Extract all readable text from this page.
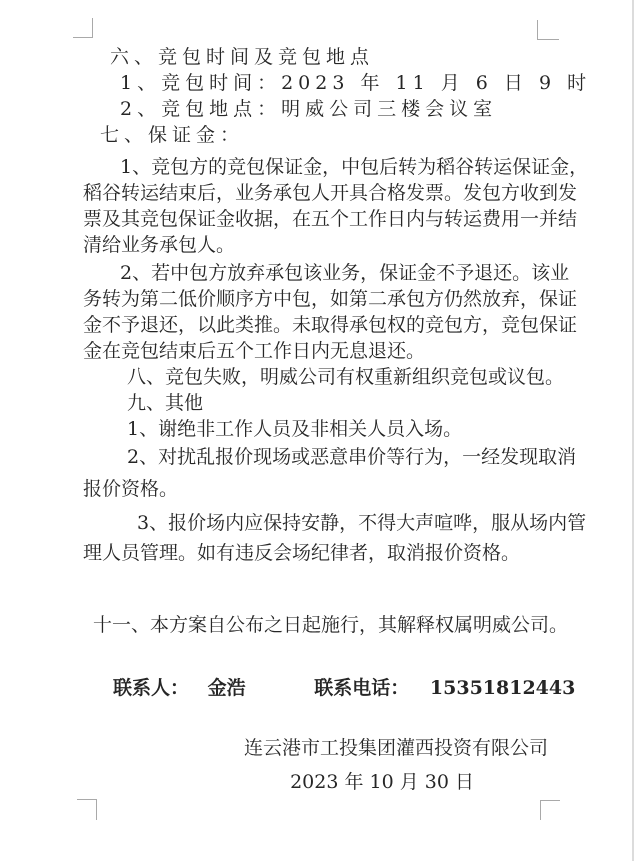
六、竞包时间及竞包地点
1、竞包时间：2023 年 11 月 6 日 9 时
2、竞包地点：明威公司三楼会议室
七、保证金：
1、竞包方的竞包保证金，中包后转为稻谷转运保证金，
稻谷转运结束后，业务承包人开具合格发票。发包方收到发
票及其竞包保证金收据，在五个工作日内与转运费用一并结
清给业务承包人。
2、若中包方放弃承包该业务，保证金不予退还。该业
务转为第二低价顺序方中包，如第二承包方仍然放弃，保证
金不予退还，以此类推。未取得承包权的竞包方，竞包保证
金在竞包结束后五个工作日内无息退还。
八、竞包失败，明威公司有权重新组织竞包或议包。
九、其他
1、谢绝非工作人员及非相关人员入场。
2、对扰乱报价现场或恶意串价等行为，一经发现取消
报价资格。
3、报价场内应保持安静，不得大声喧哗，服从场内管
理人员管理。如有违反会场纪律者，取消报价资格。
十一、本方案自公布之日起施行，其解释权属明威公司。
联系人： 金浩	联系电话： 15351812443
连云港市工投集团灌西投资有限公司
2023 年 10 月 30 日
